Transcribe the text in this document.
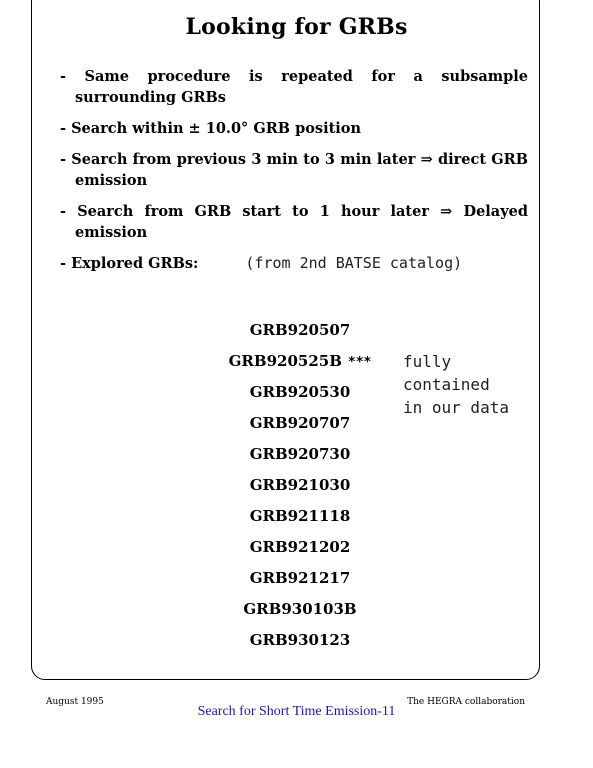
Looking for GRBs
- Same procedure is repeated for a subsample surrounding GRBs
- Search within ± 10.0° GRB position
- Search from previous 3 min to 3 min later ⇒ direct GRB emission
- Search from GRB start to 1 hour later ⇒ Delayed emission
- Explored GRBs:	(from 2nd BATSE catalog)
GRB920507
GRB920525B ***
GRB920530
GRB920707
GRB920730
GRB921030
GRB921118
GRB921202
GRB921217
GRB930103B
GRB930123
fully contained
in our data
August 1995	The HEGRA collaboration
Search for Short Time Emission-11
